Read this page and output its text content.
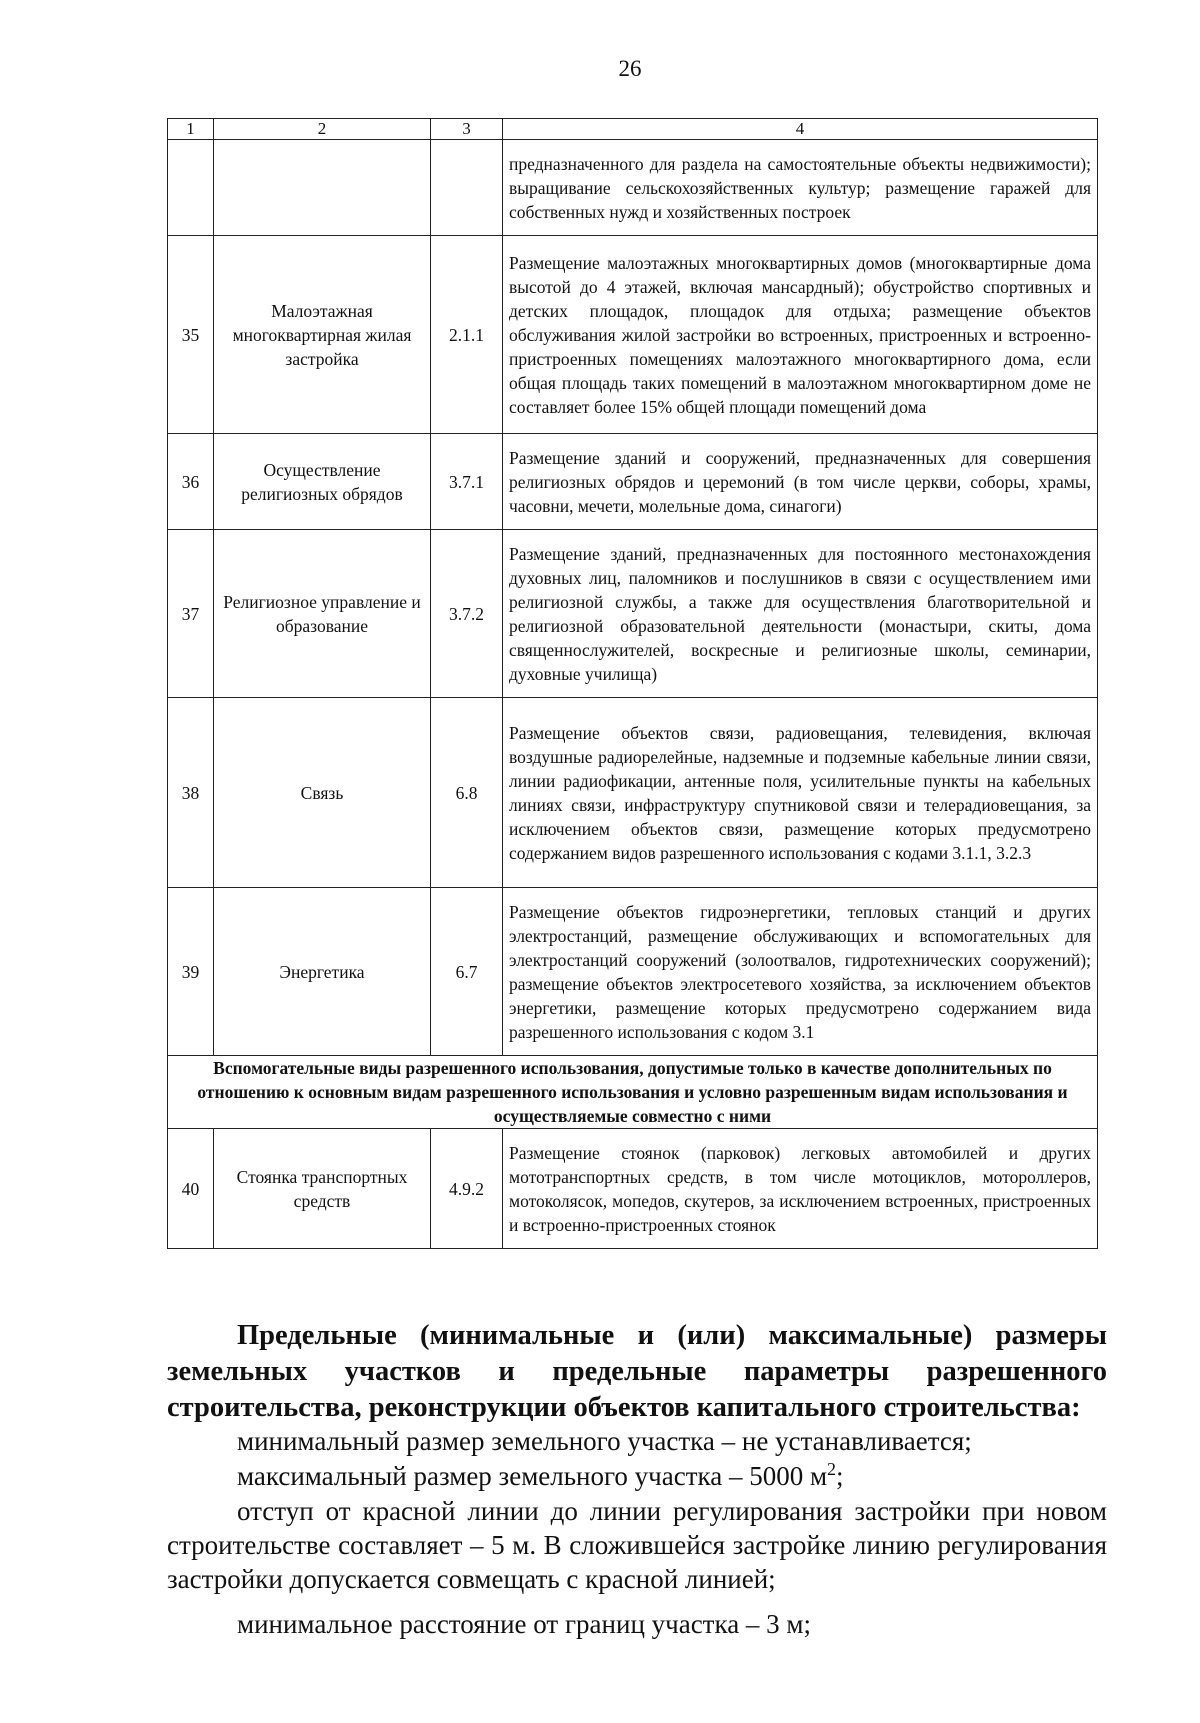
26
1	2	3	4
			предназначенного для раздела на самостоятельные объекты недвижимости); выращивание сельскохозяйственных культур; размещение гаражей для собственных нужд и хозяйственных построек
35	Малоэтажная многоквартирная жилая застройка	2.1.1	Размещение малоэтажных многоквартирных домов (многоквартирные дома высотой до 4 этажей, включая мансардный); обустройство спортивных и детских площадок, площадок для отдыха; размещение объектов обслуживания жилой застройки во встроенных, пристроенных и встроенно-пристроенных помещениях малоэтажного многоквартирного дома, если общая площадь таких помещений в малоэтажном многоквартирном доме не составляет более 15% общей площади помещений дома
36	Осуществление религиозных обрядов	3.7.1	Размещение зданий и сооружений, предназначенных для совершения религиозных обрядов и церемоний (в том числе церкви, соборы, храмы, часовни, мечети, молельные дома, синагоги)
37	Религиозное управление и образование	3.7.2	Размещение зданий, предназначенных для постоянного местонахождения духовных лиц, паломников и послушников в связи с осуществлением ими религиозной службы, а также для осуществления благотворительной и религиозной образовательной деятельности (монастыри, скиты, дома священнослужителей, воскресные и религиозные школы, семинарии, духовные училища)
38	Связь	6.8	Размещение объектов связи, радиовещания, телевидения, включая воздушные радиорелейные, надземные и подземные кабельные линии связи, линии радиофикации, антенные поля, усилительные пункты на кабельных линиях связи, инфраструктуру спутниковой связи и телерадиовещания, за исключением объектов связи, размещение которых предусмотрено содержанием видов разрешенного использования с кодами 3.1.1, 3.2.3
39	Энергетика	6.7	Размещение объектов гидроэнергетики, тепловых станций и других электростанций, размещение обслуживающих и вспомогательных для электростанций сооружений (золоотвалов, гидротехнических сооружений); размещение объектов электросетевого хозяйства, за исключением объектов энергетики, размещение которых предусмотрено содержанием вида разрешенного использования с кодом 3.1
Вспомогательные виды разрешенного использования, допустимые только в качестве дополнительных по отношению к основным видам разрешенного использования и условно разрешенным видам использования и осуществляемые совместно с ними			
40	Стоянка транспортных средств	4.9.2	Размещение стоянок (парковок) легковых автомобилей и других мототранспортных средств, в том числе мотоциклов, мотороллеров, мотоколясок, мопедов, скутеров, за исключением встроенных, пристроенных и встроенно-пристроенных стоянок
Предельные (минимальные и (или) максимальные) размеры земельных участков и предельные параметры разрешенного строительства, реконструкции объектов капитального строительства:
минимальный размер земельного участка – не устанавливается;
максимальный размер земельного участка – 5000 $м^2$;
отступ от красной линии до линии регулирования застройки при новом строительстве составляет – 5 м. В сложившейся застройке линию регулирования застройки допускается совмещать с красной линией;
минимальное расстояние от границ участка – 3 м;
